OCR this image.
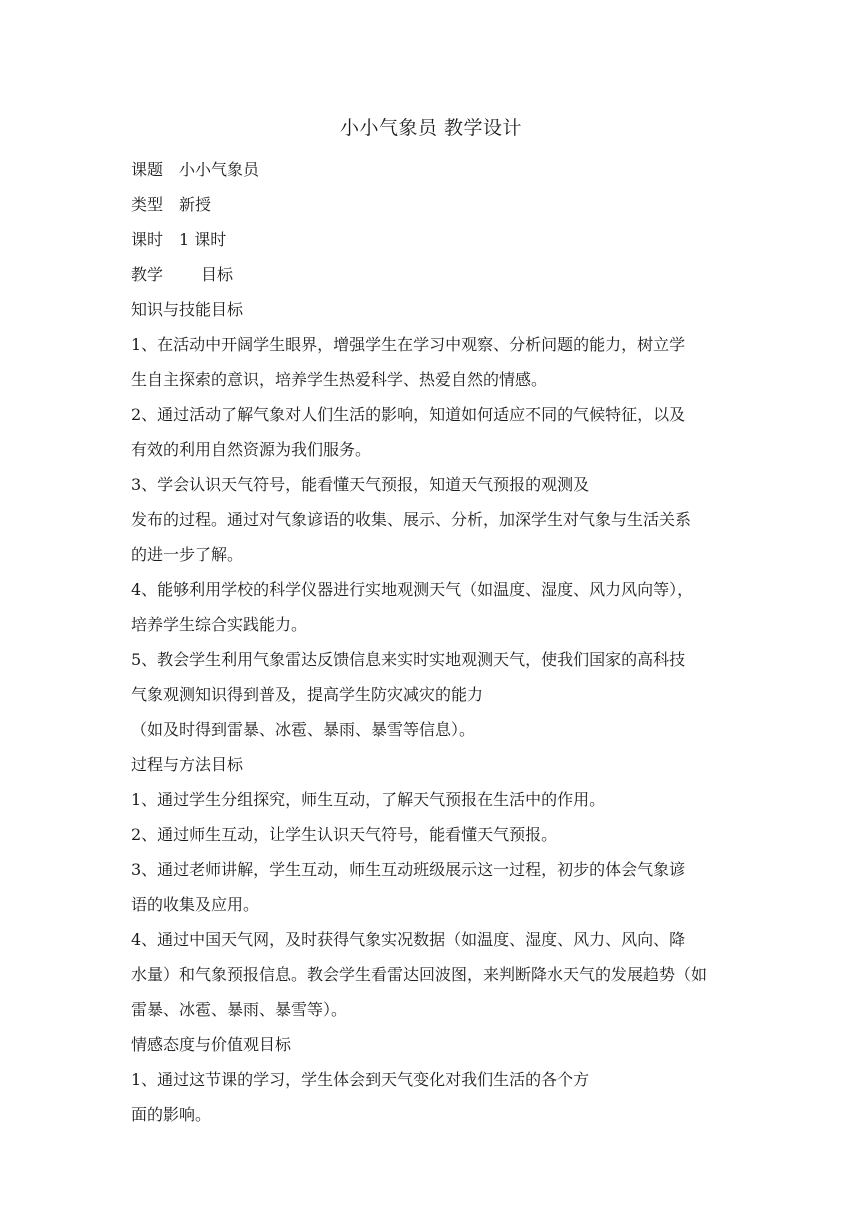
小小气象员 教学设计

课题 小小气象员

类型 新授

课时 1 课时

教学 目标

知识与技能目标

1、在活动中开阔学生眼界，增强学生在学习中观察、分析问题的能力，树立学

生自主探索的意识，培养学生热爱科学、热爱自然的情感。

2、通过活动了解气象对人们生活的影响，知道如何适应不同的气候特征，以及

有效的利用自然资源为我们服务。

3、学会认识天气符号，能看懂天气预报，知道天气预报的观测及

发布的过程。通过对气象谚语的收集、展示、分析，加深学生对气象与生活关系

的进一步了解。

4、能够利用学校的科学仪器进行实地观测天气（如温度、湿度、风力风向等），

培养学生综合实践能力。

5、教会学生利用气象雷达反馈信息来实时实地观测天气，使我们国家的高科技

气象观测知识得到普及，提高学生防灾减灾的能力

（如及时得到雷暴、冰雹、暴雨、暴雪等信息）。

过程与方法目标

1、通过学生分组探究，师生互动，了解天气预报在生活中的作用。

2、通过师生互动，让学生认识天气符号，能看懂天气预报。

3、通过老师讲解，学生互动，师生互动班级展示这一过程，初步的体会气象谚

语的收集及应用。

4、通过中国天气网，及时获得气象实况数据（如温度、湿度、风力、风向、降

水量）和气象预报信息。教会学生看雷达回波图，来判断降水天气的发展趋势（如

雷暴、冰雹、暴雨、暴雪等）。

情感态度与价值观目标

1、通过这节课的学习，学生体会到天气变化对我们生活的各个方

面的影响。
